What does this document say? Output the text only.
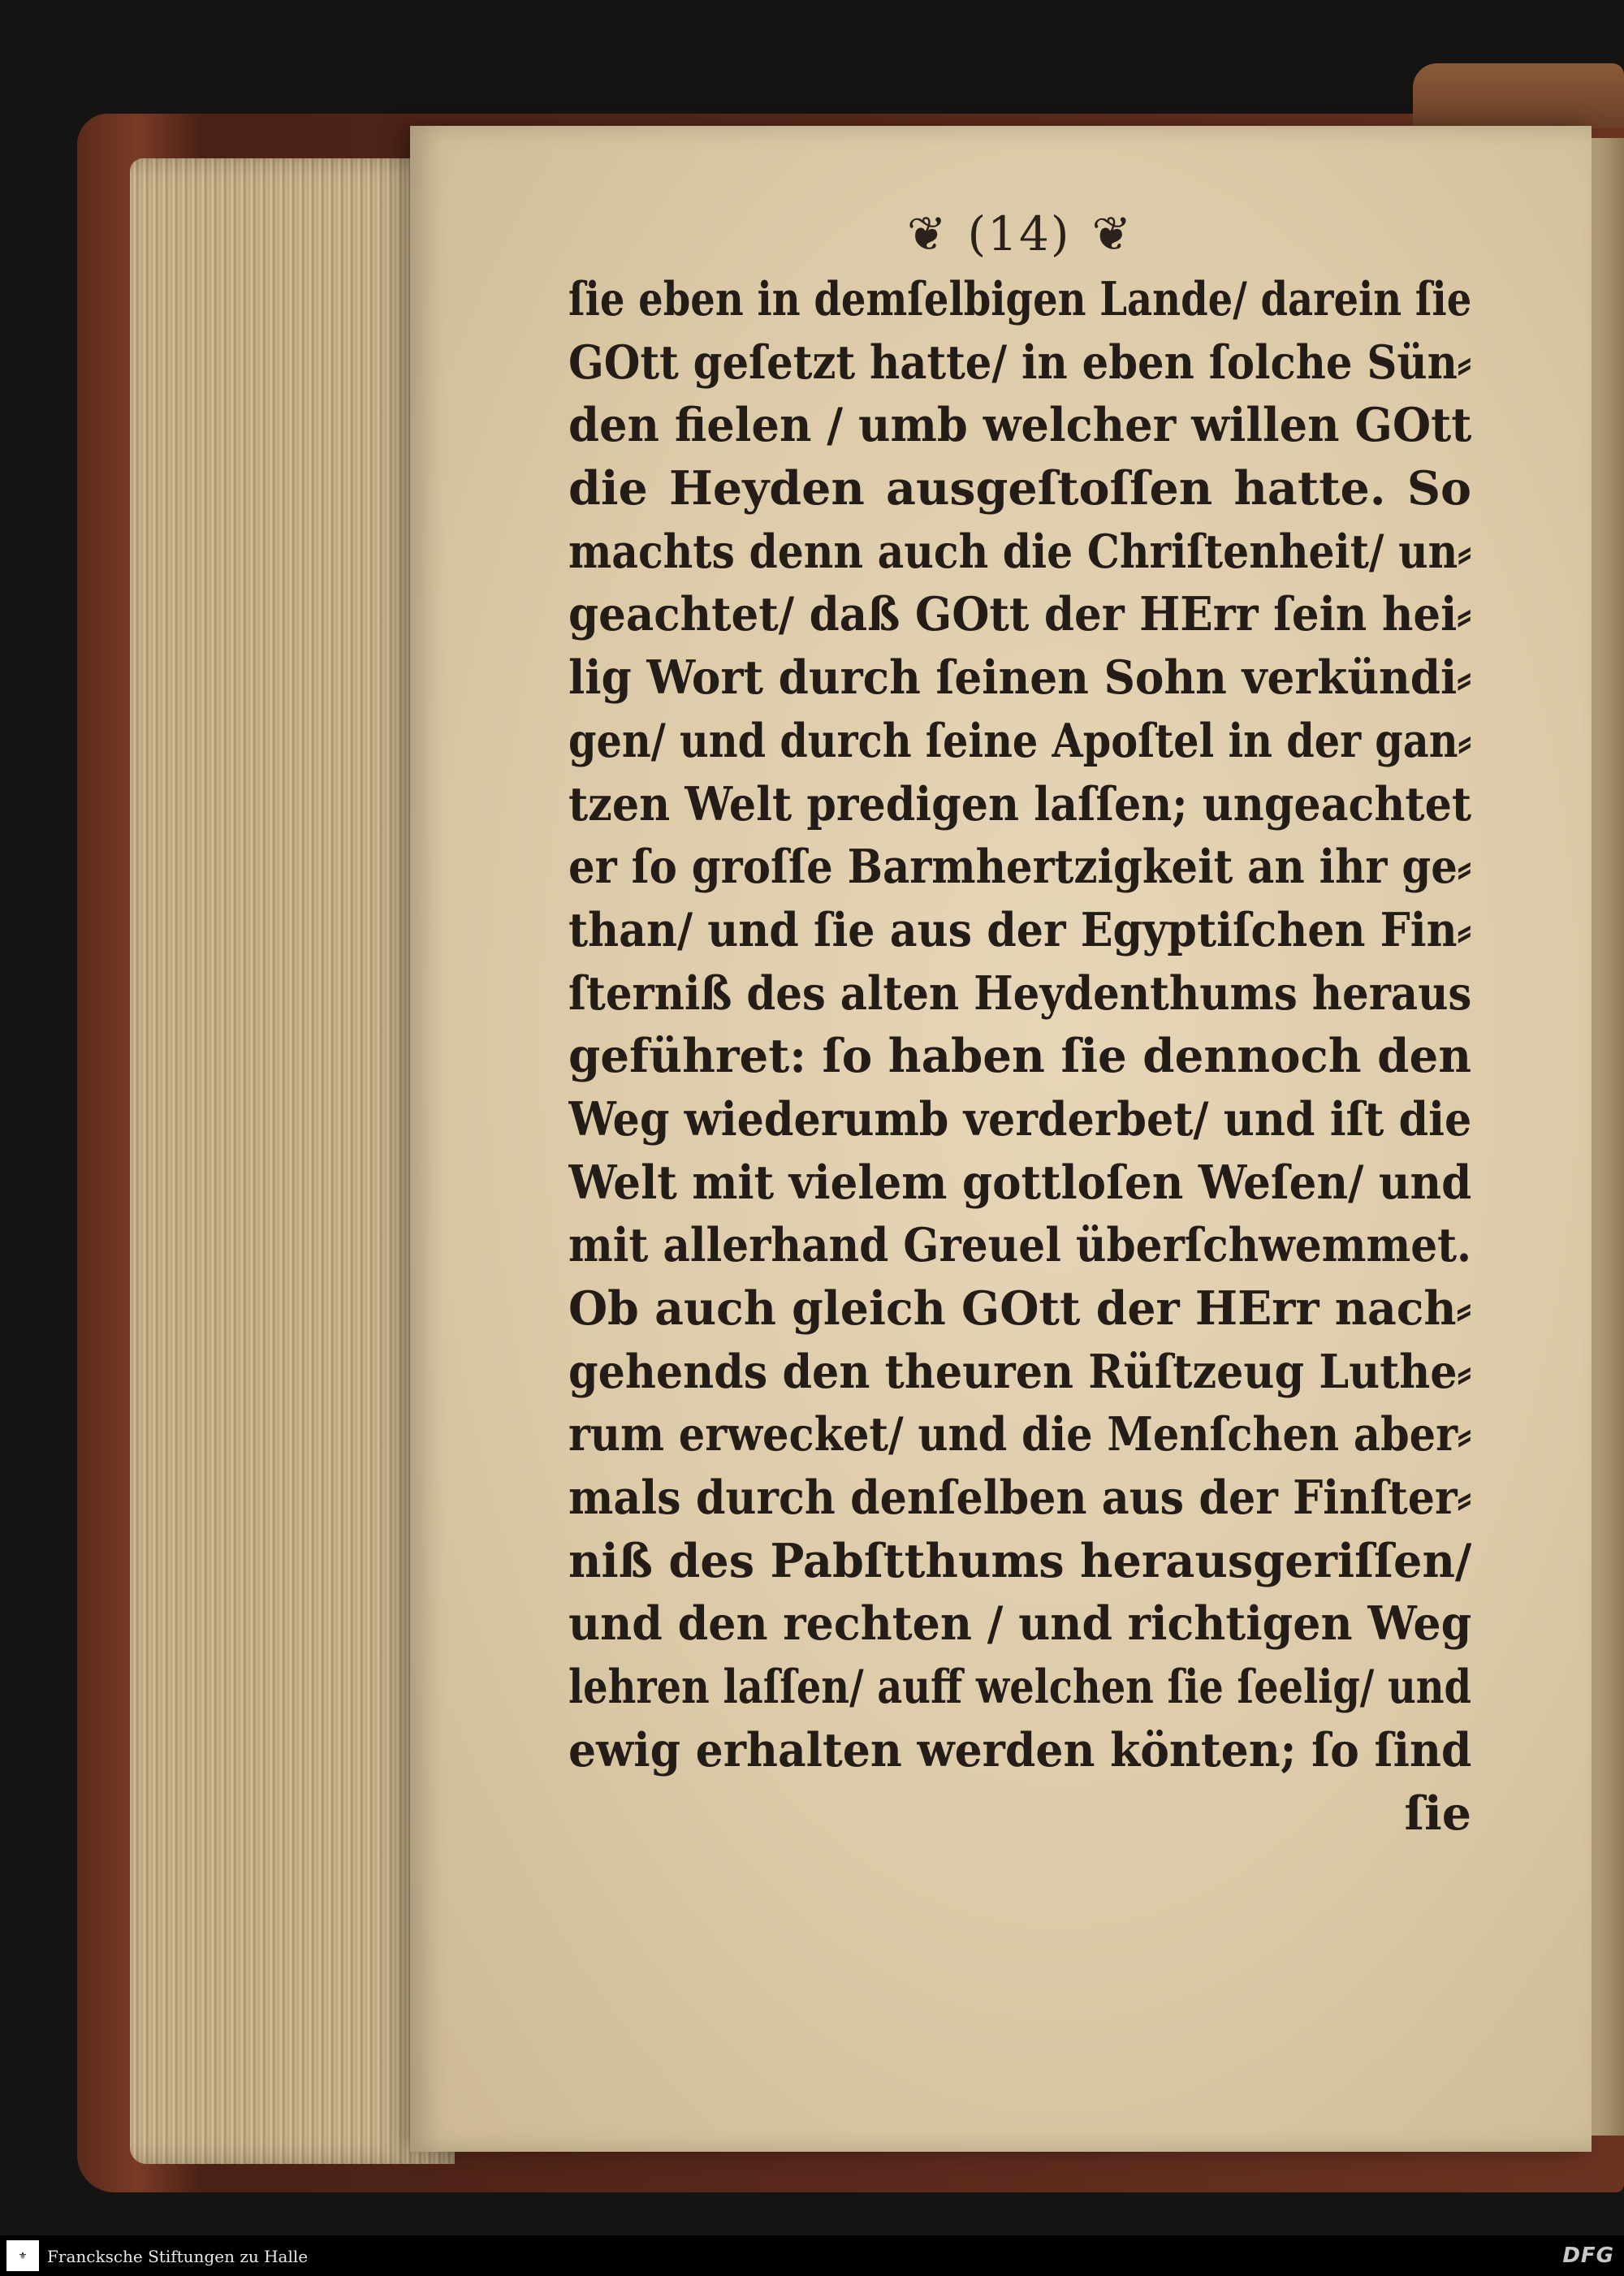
❦ (14) ❦
ſie eben in demſelbigen Lande/ darein ſie
GOtt geſetzt hatte/ in eben ſolche Sün⸗
den fielen / umb welcher willen GOtt
die Heyden ausgeſtoſſen hatte. So
machts denn auch die Chriſtenheit/ un⸗
geachtet/ daß GOtt der HErr ſein hei⸗
lig Wort durch ſeinen Sohn verkündi⸗
gen/ und durch ſeine Apoſtel in der gan⸗
tzen Welt predigen laſſen; ungeachtet
er ſo groſſe Barmhertzigkeit an ihr ge⸗
than/ und ſie aus der Egyptiſchen Fin⸗
ſterniß des alten Heydenthums heraus
geführet: ſo haben ſie dennoch den
Weg wiederumb verderbet/ und iſt die
Welt mit vielem gottloſen Weſen/ und
mit allerhand Greuel überſchwemmet.
Ob auch gleich GOtt der HErr nach⸗
gehends den theuren Rüſtzeug Luthe⸗
rum erwecket/ und die Menſchen aber⸗
mals durch denſelben aus der Finſter⸗
niß des Pabſtthums herausgeriſſen/
und den rechten / und richtigen Weg
lehren laſſen/ auff welchen ſie ſeelig/ und
ewig erhalten werden könten; ſo ſind
ſie
⚜	Francksche Stiftungen zu Halle	DFG
